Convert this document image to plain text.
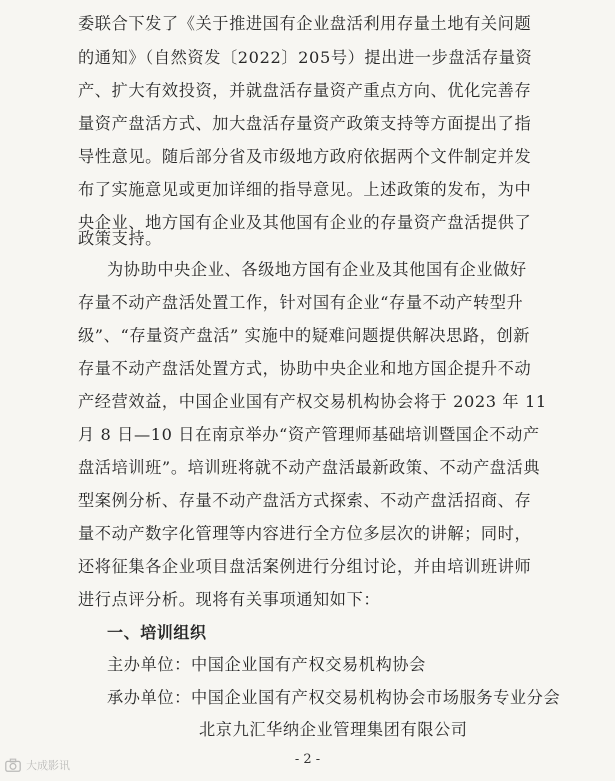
委联合下发了《关于推进国有企业盘活利用存量土地有关问题
的通知》（自然资发〔2022〕205号）提出进一步盘活存量资
产、扩大有效投资，并就盘活存量资产重点方向、优化完善存
量资产盘活方式、加大盘活存量资产政策支持等方面提出了指
导性意见。随后部分省及市级地方政府依据两个文件制定并发
布了实施意见或更加详细的指导意见。上述政策的发布，为中
央企业、地方国有企业及其他国有企业的存量资产盘活提供了
政策支持。
为协助中央企业、各级地方国有企业及其他国有企业做好
存量不动产盘活处置工作，针对国有企业“存量不动产转型升
级”、“存量资产盘活” 实施中的疑难问题提供解决思路，创新
存量不动产盘活处置方式，协助中央企业和地方国企提升不动
产经营效益，中国企业国有产权交易机构协会将于 2023 年 11
月 8 日—10 日在南京举办“资产管理师基础培训暨国企不动产
盘活培训班”。培训班将就不动产盘活最新政策、不动产盘活典
型案例分析、存量不动产盘活方式探索、不动产盘活招商、存
量不动产数字化管理等内容进行全方位多层次的讲解；同时，
还将征集各企业项目盘活案例进行分组讨论，并由培训班讲师
进行点评分析。现将有关事项通知如下：
一、培训组织
主办单位：中国企业国有产权交易机构协会
承办单位：中国企业国有产权交易机构协会市场服务专业分会
北京九汇华纳企业管理集团有限公司
- 2 -
大成影讯
